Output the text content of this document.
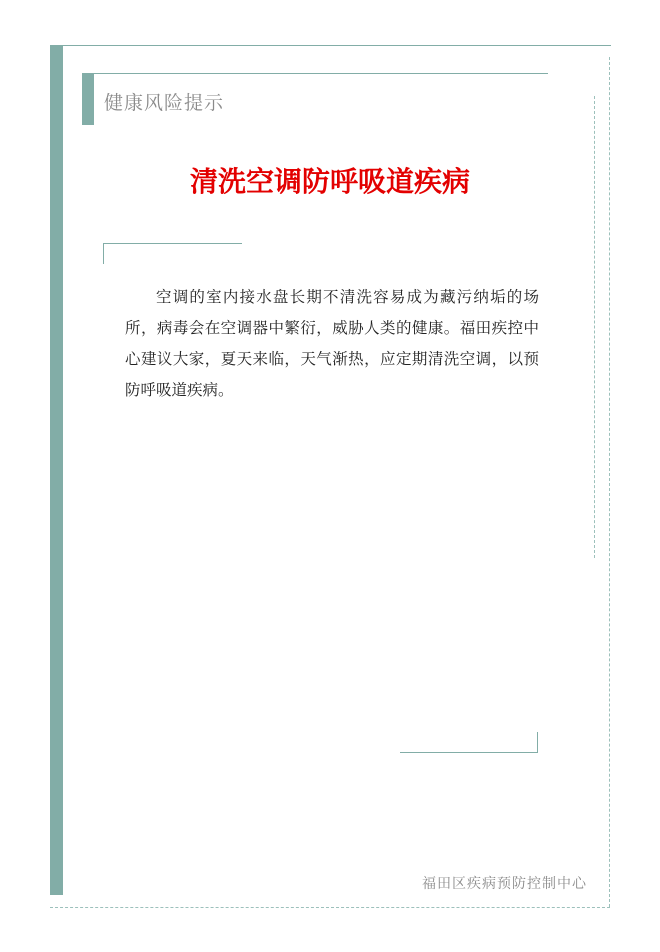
健康风险提示
清洗空调防呼吸道疾病

空调的室内接水盘长期不清洗容易成为藏污纳垢的场所，病毒会在空调器中繁衍，威胁人类的健康。福田疾控中心建议大家，夏天来临，天气渐热，应定期清洗空调，以预防呼吸道疾病。

福田区疾病预防控制中心
